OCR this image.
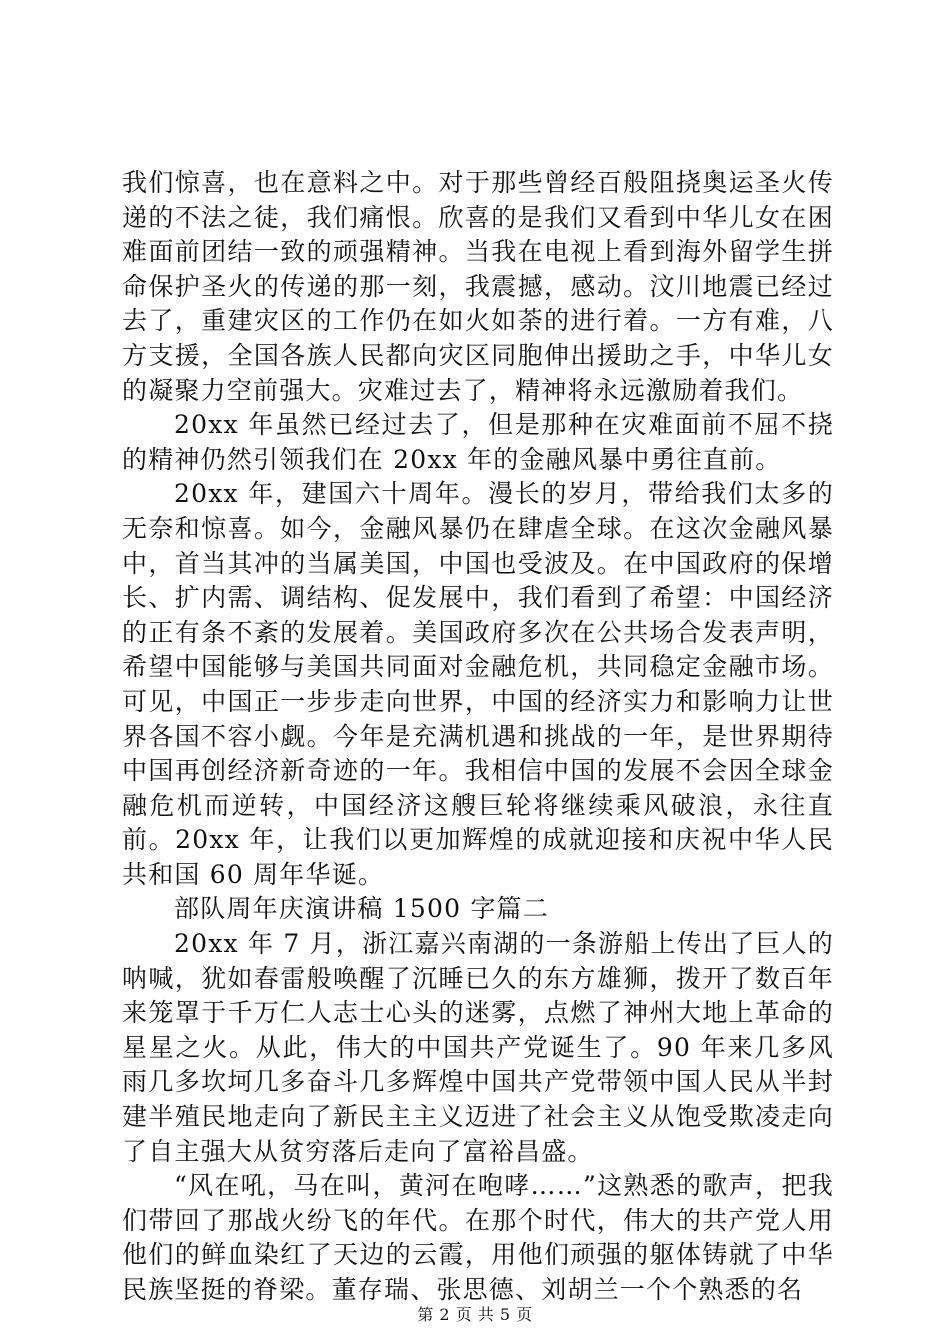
我们惊喜，也在意料之中。对于那些曾经百般阻挠奥运圣火传递的不法之徒，我们痛恨。欣喜的是我们又看到中华儿女在困难面前团结一致的顽强精神。当我在电视上看到海外留学生拼命保护圣火的传递的那一刻，我震撼，感动。汶川地震已经过去了，重建灾区的工作仍在如火如荼的进行着。一方有难，八方支援，全国各族人民都向灾区同胞伸出援助之手，中华儿女的凝聚力空前强大。灾难过去了，精神将永远激励着我们。

20xx 年虽然已经过去了，但是那种在灾难面前不屈不挠的精神仍然引领我们在 20xx 年的金融风暴中勇往直前。

20xx 年，建国六十周年。漫长的岁月，带给我们太多的无奈和惊喜。如今，金融风暴仍在肆虐全球。在这次金融风暴中，首当其冲的当属美国，中国也受波及。在中国政府的保增长、扩内需、调结构、促发展中，我们看到了希望：中国经济的正有条不紊的发展着。美国政府多次在公共场合发表声明，希望中国能够与美国共同面对金融危机，共同稳定金融市场。可见，中国正一步步走向世界，中国的经济实力和影响力让世界各国不容小觑。今年是充满机遇和挑战的一年，是世界期待中国再创经济新奇迹的一年。我相信中国的发展不会因全球金融危机而逆转，中国经济这艘巨轮将继续乘风破浪，永往直前。20xx 年，让我们以更加辉煌的成就迎接和庆祝中华人民共和国 60 周年华诞。

部队周年庆演讲稿 1500 字篇二

20xx 年 7 月，浙江嘉兴南湖的一条游船上传出了巨人的呐喊，犹如春雷般唤醒了沉睡已久的东方雄狮，拨开了数百年来笼罩于千万仁人志士心头的迷雾，点燃了神州大地上革命的星星之火。从此，伟大的中国共产党诞生了。90 年来几多风雨几多坎坷几多奋斗几多辉煌中国共产党带领中国人民从半封建半殖民地走向了新民主主义迈进了社会主义从饱受欺凌走向了自主强大从贫穷落后走向了富裕昌盛。

“风在吼，马在叫，黄河在咆哮……”这熟悉的歌声，把我们带回了那战火纷飞的年代。在那个时代，伟大的共产党人用他们的鲜血染红了天边的云霞，用他们顽强的躯体铸就了中华民族坚挺的脊梁。董存瑞、张思德、刘胡兰一个个熟悉的名

第 2 页 共 5 页
